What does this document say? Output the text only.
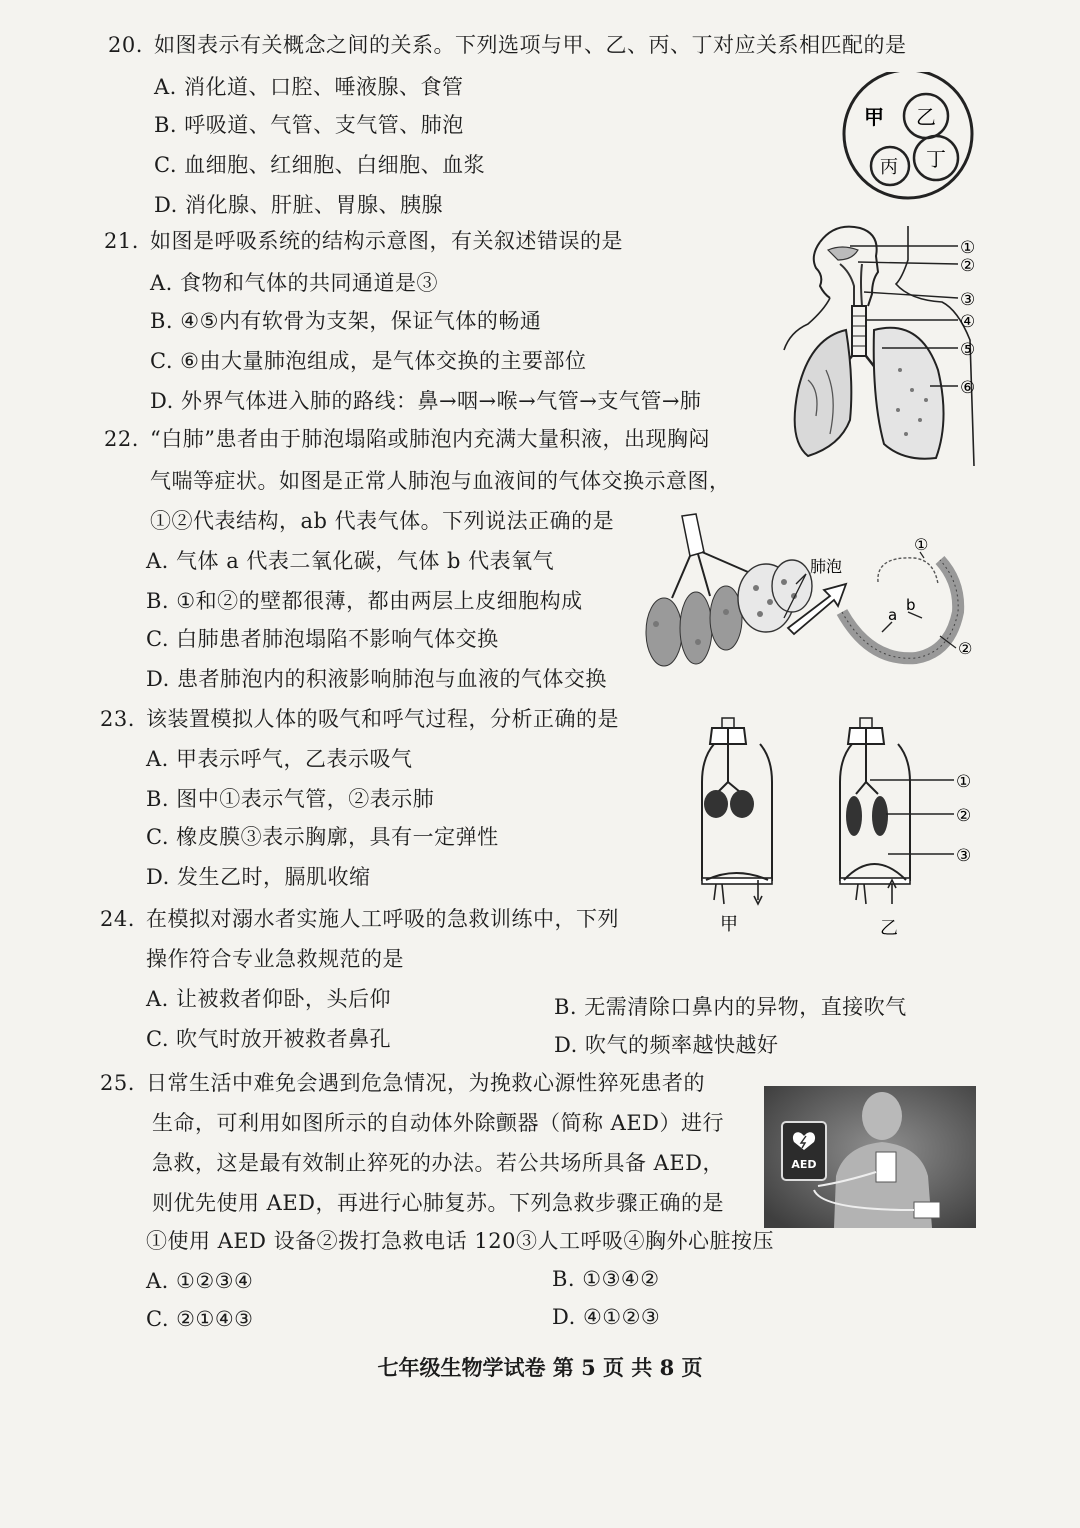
20. 如图表示有关概念之间的关系。下列选项与甲、乙、丙、丁对应关系相匹配的是
A. 消化道、口腔、唾液腺、食管
B. 呼吸道、气管、支气管、肺泡
C. 血细胞、红细胞、白细胞、血浆
D. 消化腺、肝脏、胃腺、胰腺
甲 乙
丙 丁
21. 如图是呼吸系统的结构示意图，有关叙述错误的是
A. 食物和气体的共同通道是③
B. ④⑤内有软骨为支架，保证气体的畅通
C. ⑥由大量肺泡组成，是气体交换的主要部位
D. 外界气体进入肺的路线：鼻→咽→喉→气管→支气管→肺
①
②
③
④
⑤
⑥
22. “白肺”患者由于肺泡塌陷或肺泡内充满大量积液，出现胸闷
气喘等症状。如图是正常人肺泡与血液间的气体交换示意图，
①②代表结构，ab 代表气体。下列说法正确的是
A. 气体 a 代表二氧化碳，气体 b 代表氧气
B. ①和②的壁都很薄，都由两层上皮细胞构成
C. 白肺患者肺泡塌陷不影响气体交换
D. 患者肺泡内的积液影响肺泡与血液的气体交换
肺泡
a
b
①
②
23. 该装置模拟人体的吸气和呼气过程，分析正确的是
A. 甲表示呼气，乙表示吸气
B. 图中①表示气管，②表示肺
C. 橡皮膜③表示胸廓，具有一定弹性
D. 发生乙时，膈肌收缩
甲
①
②
③
乙
24. 在模拟对溺水者实施人工呼吸的急救训练中，下列
操作符合专业急救规范的是
A. 让被救者仰卧，头后仰	B. 无需清除口鼻内的异物，直接吹气
C. 吹气时放开被救者鼻孔	D. 吹气的频率越快越好
25. 日常生活中难免会遇到危急情况，为挽救心源性猝死患者的
生命，可利用如图所示的自动体外除颤器（简称 AED）进行
急救，这是最有效制止猝死的办法。若公共场所具备 AED，
则优先使用 AED，再进行心肺复苏。下列急救步骤正确的是
①使用 AED 设备②拨打急救电话 120③人工呼吸④胸外心脏按压
A. ①②③④	B. ①③④②
C. ②①④③	D. ④①②③
AED
七年级生物学试卷 第 5 页 共 8 页
